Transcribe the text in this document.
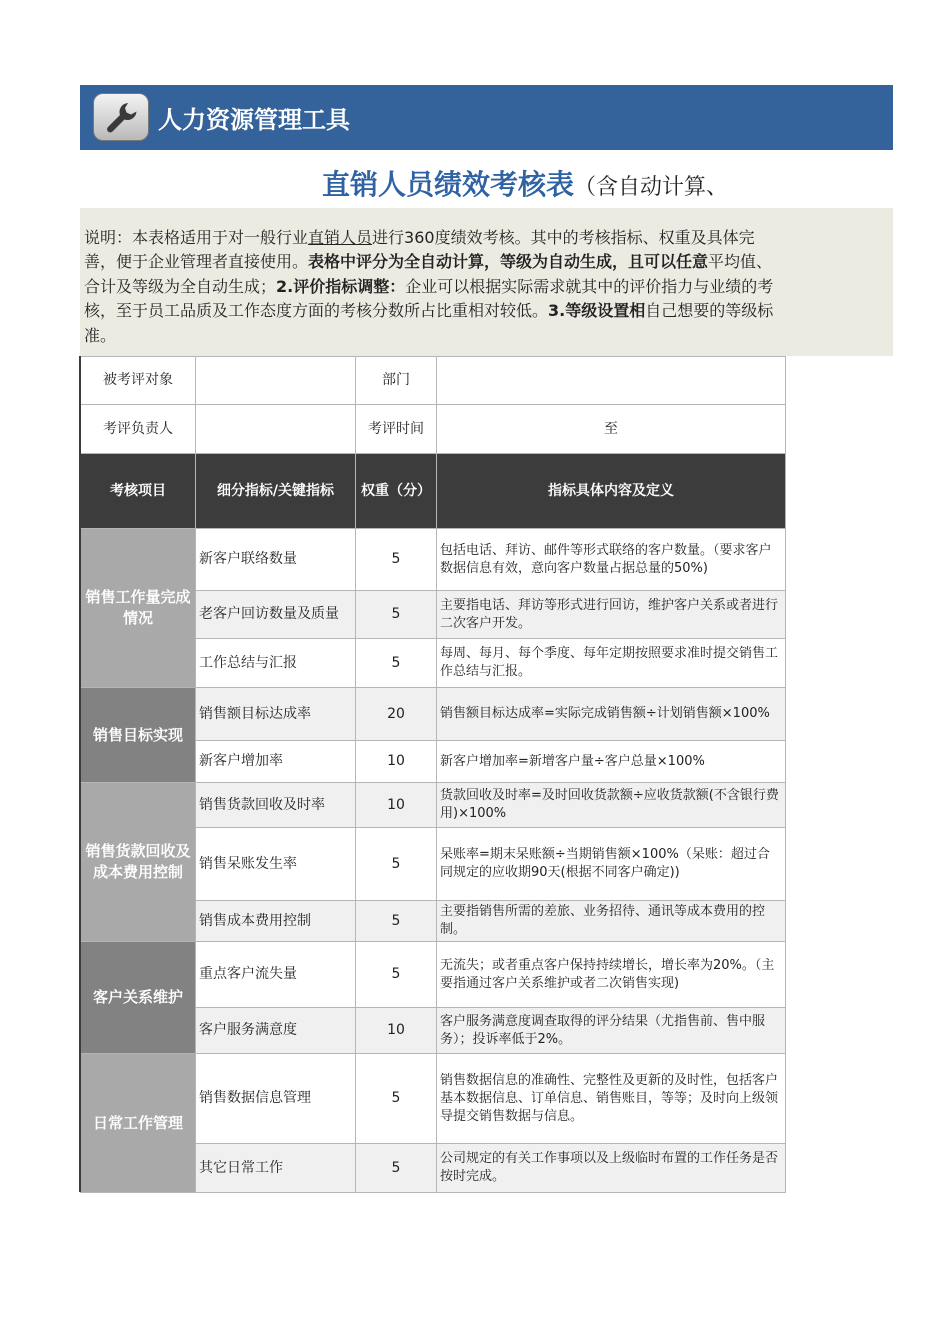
人力资源管理工具
直销人员绩效考核表（含自动计算、
说明：本表格适用于对一般行业直销人员进行360度绩效考核。其中的考核指标、权重及具体完善，便于企业管理者直接使用。表格中评分为全自动计算，等级为自动生成，且可以任意平均值、合计及等级为全自动生成；2.评价指标调整：企业可以根据实际需求就其中的评价指力与业绩的考核，至于员工品质及工作态度方面的考核分数所占比重相对较低。3.等级设置相自己想要的等级标准。
被考评对象		部门	
考评负责人		考评时间	至
考核项目	细分指标/关键指标	权重（分）	指标具体内容及定义
销售工作量完成情况	新客户联络数量	5	包括电话、拜访、邮件等形式联络的客户数量。（要求客户数据信息有效，意向客户数量占据总量的50%)
	老客户回访数量及质量	5	主要指电话、拜访等形式进行回访，维护客户关系或者进行二次客户开发。
	工作总结与汇报	5	每周、每月、每个季度、每年定期按照要求准时提交销售工作总结与汇报。
销售目标实现	销售额目标达成率	20	销售额目标达成率=实际完成销售额÷计划销售额×100%
	新客户增加率	10	新客户增加率=新增客户量÷客户总量×100%
销售货款回收及成本费用控制	销售货款回收及时率	10	货款回收及时率=及时回收货款额÷应收货款额(不含银行费用)×100%
	销售呆账发生率	5	呆账率=期末呆账额÷当期销售额×100%（呆账：超过合同规定的应收期90天(根据不同客户确定))
	销售成本费用控制	5	主要指销售所需的差旅、业务招待、通讯等成本费用的控制。
客户关系维护	重点客户流失量	5	无流失；或者重点客户保持持续增长，增长率为20%。（主要指通过客户关系维护或者二次销售实现)
	客户服务满意度	10	客户服务满意度调查取得的评分结果（尤指售前、售中服务）；投诉率低于2%。
日常工作管理	销售数据信息管理	5	销售数据信息的准确性、完整性及更新的及时性，包括客户基本数据信息、订单信息、销售账目，等等；及时向上级领导提交销售数据与信息。
	其它日常工作	5	公司规定的有关工作事项以及上级临时布置的工作任务是否按时完成。
